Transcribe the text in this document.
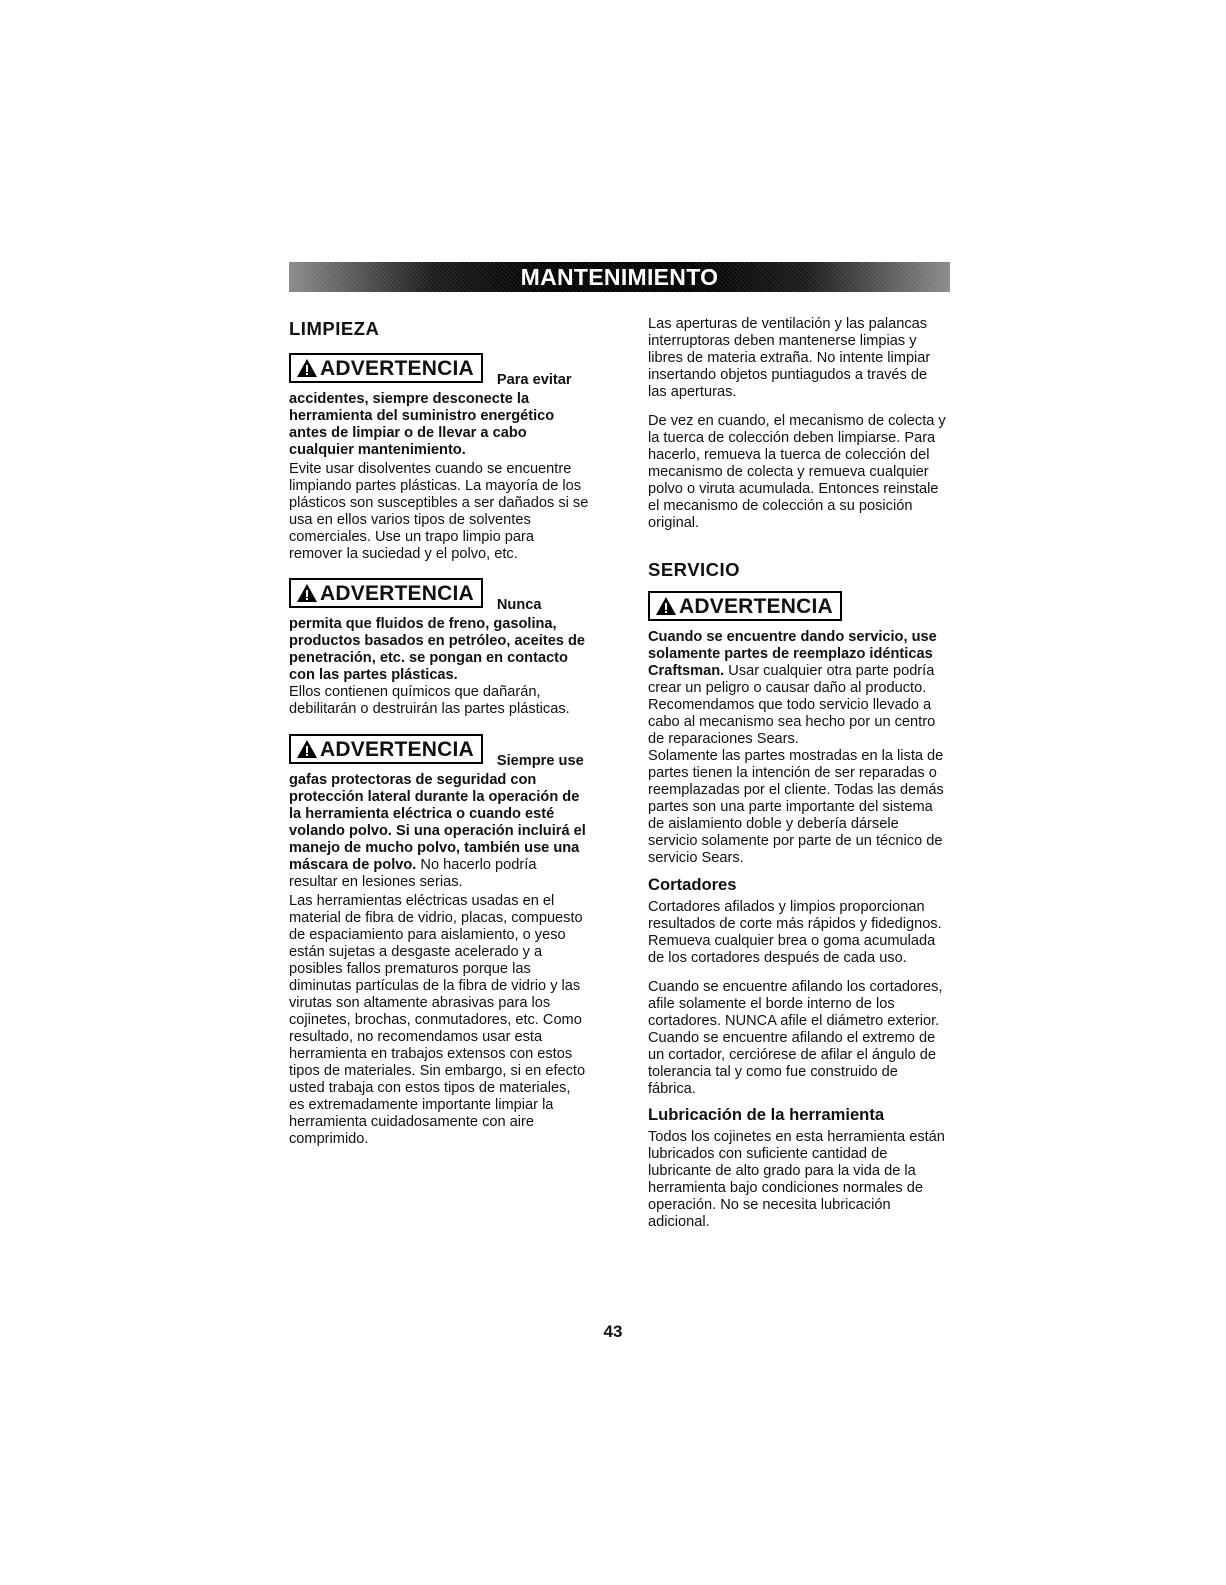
MANTENIMIENTO
LIMPIEZA
ADVERTENCIA
Para evitar

accidentes, siempre desconecte la herramienta del suministro energético antes de limpiar o de llevar a cabo cualquier mantenimiento.

Evite usar disolventes cuando se encuentre limpiando partes plásticas. La mayoría de los plásticos son susceptibles a ser dañados si se usa en ellos varios tipos de solventes comerciales. Use un trapo limpio para remover la suciedad y el polvo, etc.

ADVERTENCIA
Nunca

permita que fluidos de freno, gasolina, productos basados en petróleo, aceites de penetración, etc. se pongan en contacto con las partes plásticas.

Ellos contienen químicos que dañarán, debilitarán o destruirán las partes plásticas.

ADVERTENCIA
Siempre use

gafas protectoras de seguridad con protección lateral durante la operación de la herramienta eléctrica o cuando esté volando polvo. Si una operación incluirá el manejo de mucho polvo, también use una máscara de polvo. No hacerlo podría resultar en lesiones serias.

Las herramientas eléctricas usadas en el material de fibra de vidrio, placas, compuesto de espaciamiento para aislamiento, o yeso están sujetas a desgaste acelerado y a posibles fallos prematuros porque las diminutas partículas de la fibra de vidrio y las virutas son altamente abrasivas para los cojinetes, brochas, conmutadores, etc. Como resultado, no recomendamos usar esta herramienta en trabajos extensos con estos tipos de materiales. Sin embargo, si en efecto usted trabaja con estos tipos de materiales, es extremadamente importante limpiar la herramienta cuidadosamente con aire comprimido.

Las aperturas de ventilación y las palancas interruptoras deben mantenerse limpias y libres de materia extraña. No intente limpiar insertando objetos puntiagudos a través de las aperturas.

De vez en cuando, el mecanismo de colecta y la tuerca de colección deben limpiarse. Para hacerlo, remueva la tuerca de colección del mecanismo de colecta y remueva cualquier polvo o viruta acumulada. Entonces reinstale el mecanismo de colección a su posición original.

SERVICIO
ADVERTENCIA

Cuando se encuentre dando servicio, use solamente partes de reemplazo idénticas Craftsman. Usar cualquier otra parte podría crear un peligro o causar daño al producto. Recomendamos que todo servicio llevado a cabo al mecanismo sea hecho por un centro de reparaciones Sears.

Solamente las partes mostradas en la lista de partes tienen la intención de ser reparadas o reemplazadas por el cliente. Todas las demás partes son una parte importante del sistema de aislamiento doble y debería dársele servicio solamente por parte de un técnico de servicio Sears.

Cortadores

Cortadores afilados y limpios proporcionan resultados de corte más rápidos y fidedignos. Remueva cualquier brea o goma acumulada de los cortadores después de cada uso.

Cuando se encuentre afilando los cortadores, afile solamente el borde interno de los cortadores. NUNCA afile el diámetro exterior. Cuando se encuentre afilando el extremo de un cortador, cerciórese de afilar el ángulo de tolerancia tal y como fue construido de fábrica.

Lubricación de la herramienta

Todos los cojinetes en esta herramienta están lubricados con suficiente cantidad de lubricante de alto grado para la vida de la herramienta bajo condiciones normales de operación. No se necesita lubricación adicional.

43
